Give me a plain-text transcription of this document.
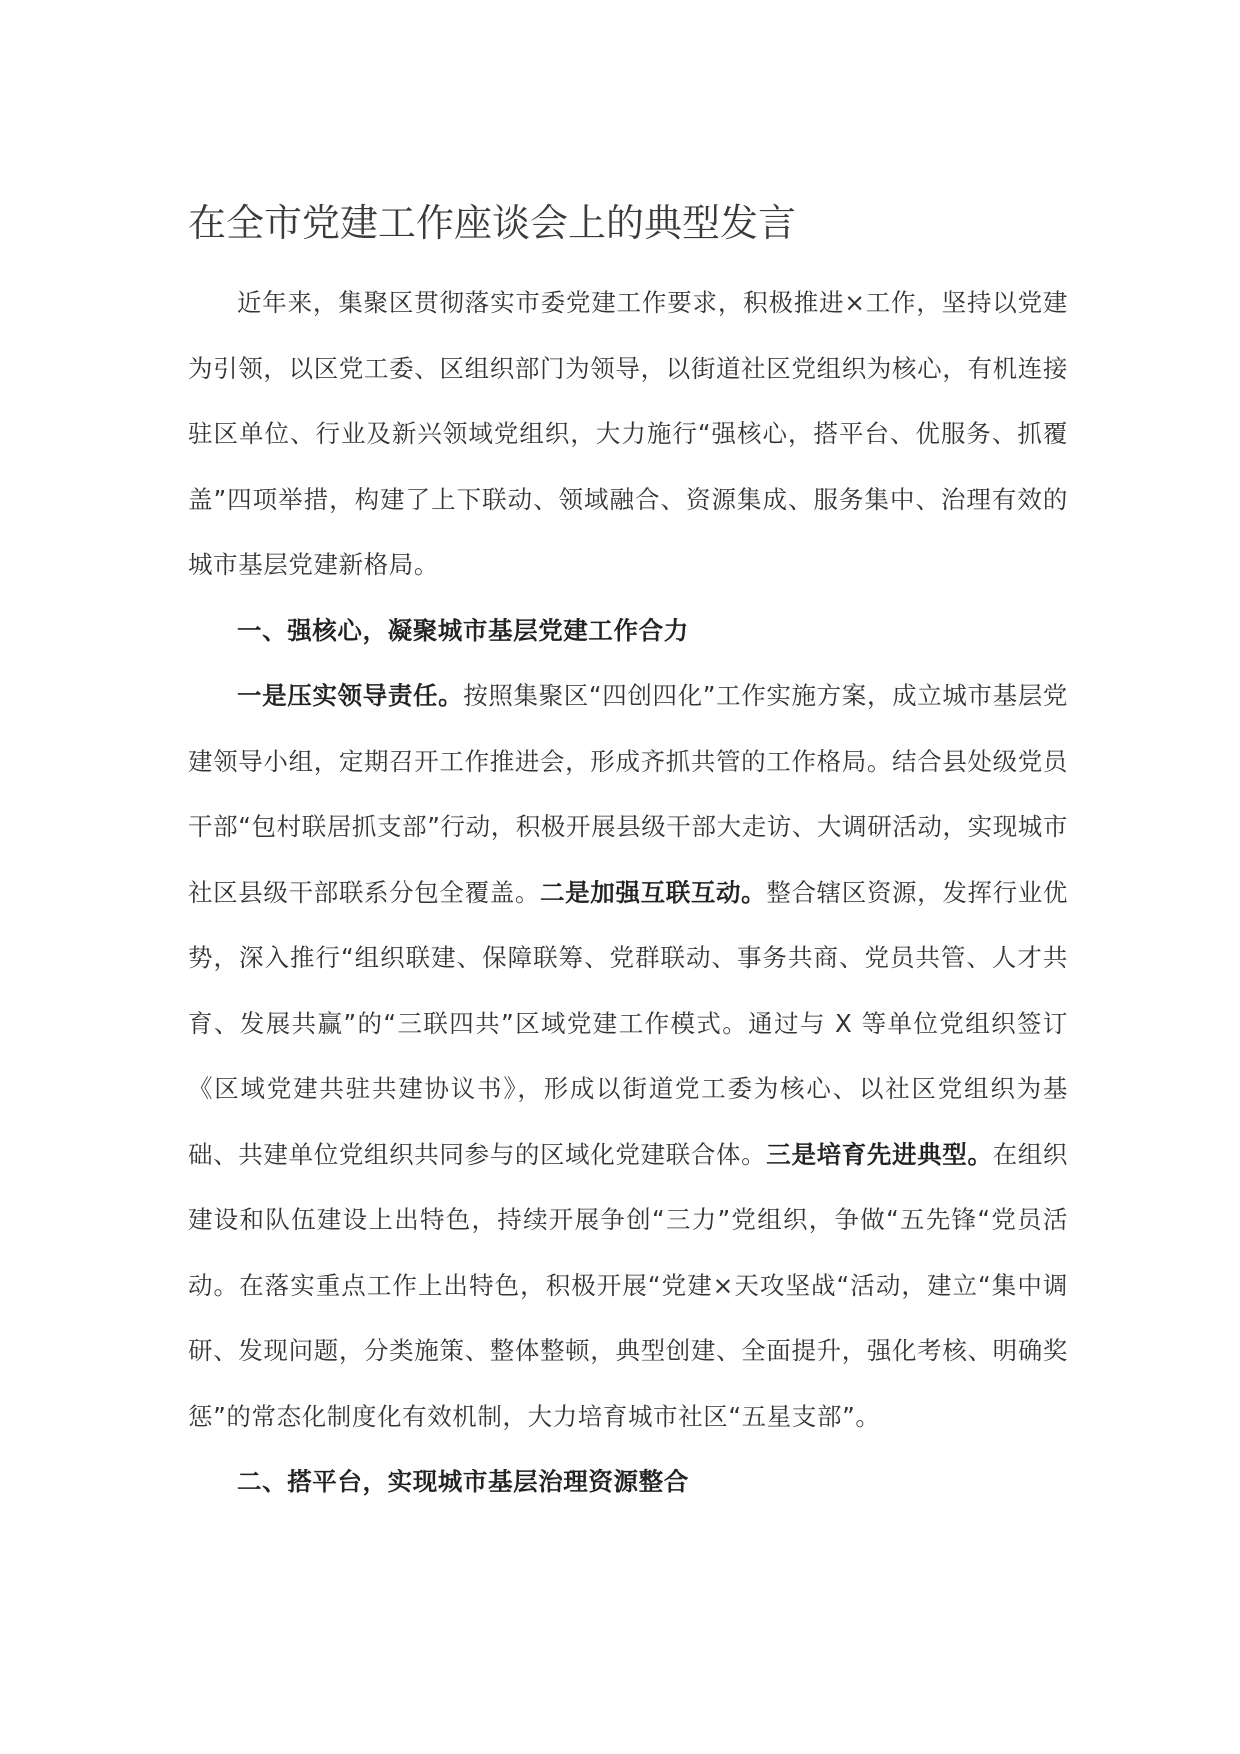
在全市党建工作座谈会上的典型发言

近年来，集聚区贯彻落实市委党建工作要求，积极推进×工作，坚持以党建为引领，以区党工委、区组织部门为领导，以街道社区党组织为核心，有机连接驻区单位、行业及新兴领域党组织，大力施行“强核心，搭平台、优服务、抓覆盖”四项举措，构建了上下联动、领域融合、资源集成、服务集中、治理有效的城市基层党建新格局。

一、强核心，凝聚城市基层党建工作合力

一是压实领导责任。按照集聚区“四创四化”工作实施方案，成立城市基层党建领导小组，定期召开工作推进会，形成齐抓共管的工作格局。结合县处级党员干部“包村联居抓支部”行动，积极开展县级干部大走访、大调研活动，实现城市社区县级干部联系分包全覆盖。二是加强互联互动。整合辖区资源，发挥行业优势，深入推行“组织联建、保障联筹、党群联动、事务共商、党员共管、人才共育、发展共赢”的“三联四共”区域党建工作模式。通过与 X 等单位党组织签订《区域党建共驻共建协议书》，形成以街道党工委为核心、以社区党组织为基础、共建单位党组织共同参与的区域化党建联合体。三是培育先进典型。在组织建设和队伍建设上出特色，持续开展争创“三力”党组织，争做“五先锋“党员活动。在落实重点工作上出特色，积极开展“党建×天攻坚战“活动，建立“集中调研、发现问题，分类施策、整体整顿，典型创建、全面提升，强化考核、明确奖惩”的常态化制度化有效机制，大力培育城市社区“五星支部”。

二、搭平台，实现城市基层治理资源整合
